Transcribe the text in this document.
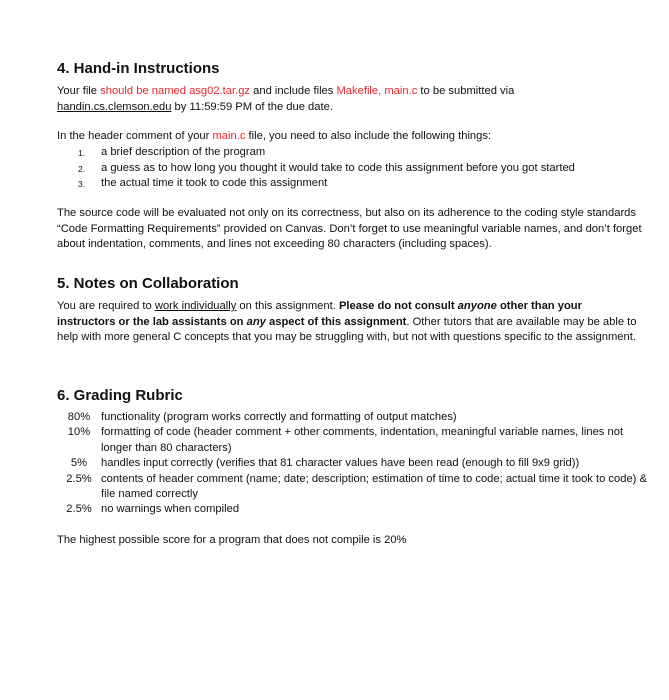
4. Hand-in Instructions

Your file should be named asg02.tar.gz and include files Makefile, main.c to be submitted via
handin.cs.clemson.edu by 11:59:59 PM of the due date.

In the header comment of your main.c file, you need to also include the following things:

1. a brief description of the program
2. a guess as to how long you thought it would take to code this assignment before you got started
3. the actual time it took to code this assignment

The source code will be evaluated not only on its correctness, but also on its adherence to the coding style standards “Code Formatting Requirements” provided on Canvas. Don’t forget to use meaningful variable names, and don’t forget about indentation, comments, and lines not exceeding 80 characters (including spaces).

5. Notes on Collaboration

You are required to work individually on this assignment. Please do not consult anyone other than your instructors or the lab assistants on any aspect of this assignment. Other tutors that are available may be able to help with more general C concepts that you may be struggling with, but not with questions specific to the assignment.

6. Grading Rubric
80% functionality (program works correctly and formatting of output matches)
10% formatting of code (header comment + other comments, indentation, meaningful variable names, lines not longer than 80 characters)
5%	handles input correctly (verifies that 81 character values have been read (enough to fill 9x9 grid))
2.5% contents of header comment (name; date; description; estimation of time to code; actual time it took to code) & file named correctly
2.5% no warnings when compiled

The highest possible score for a program that does not compile is 20%
